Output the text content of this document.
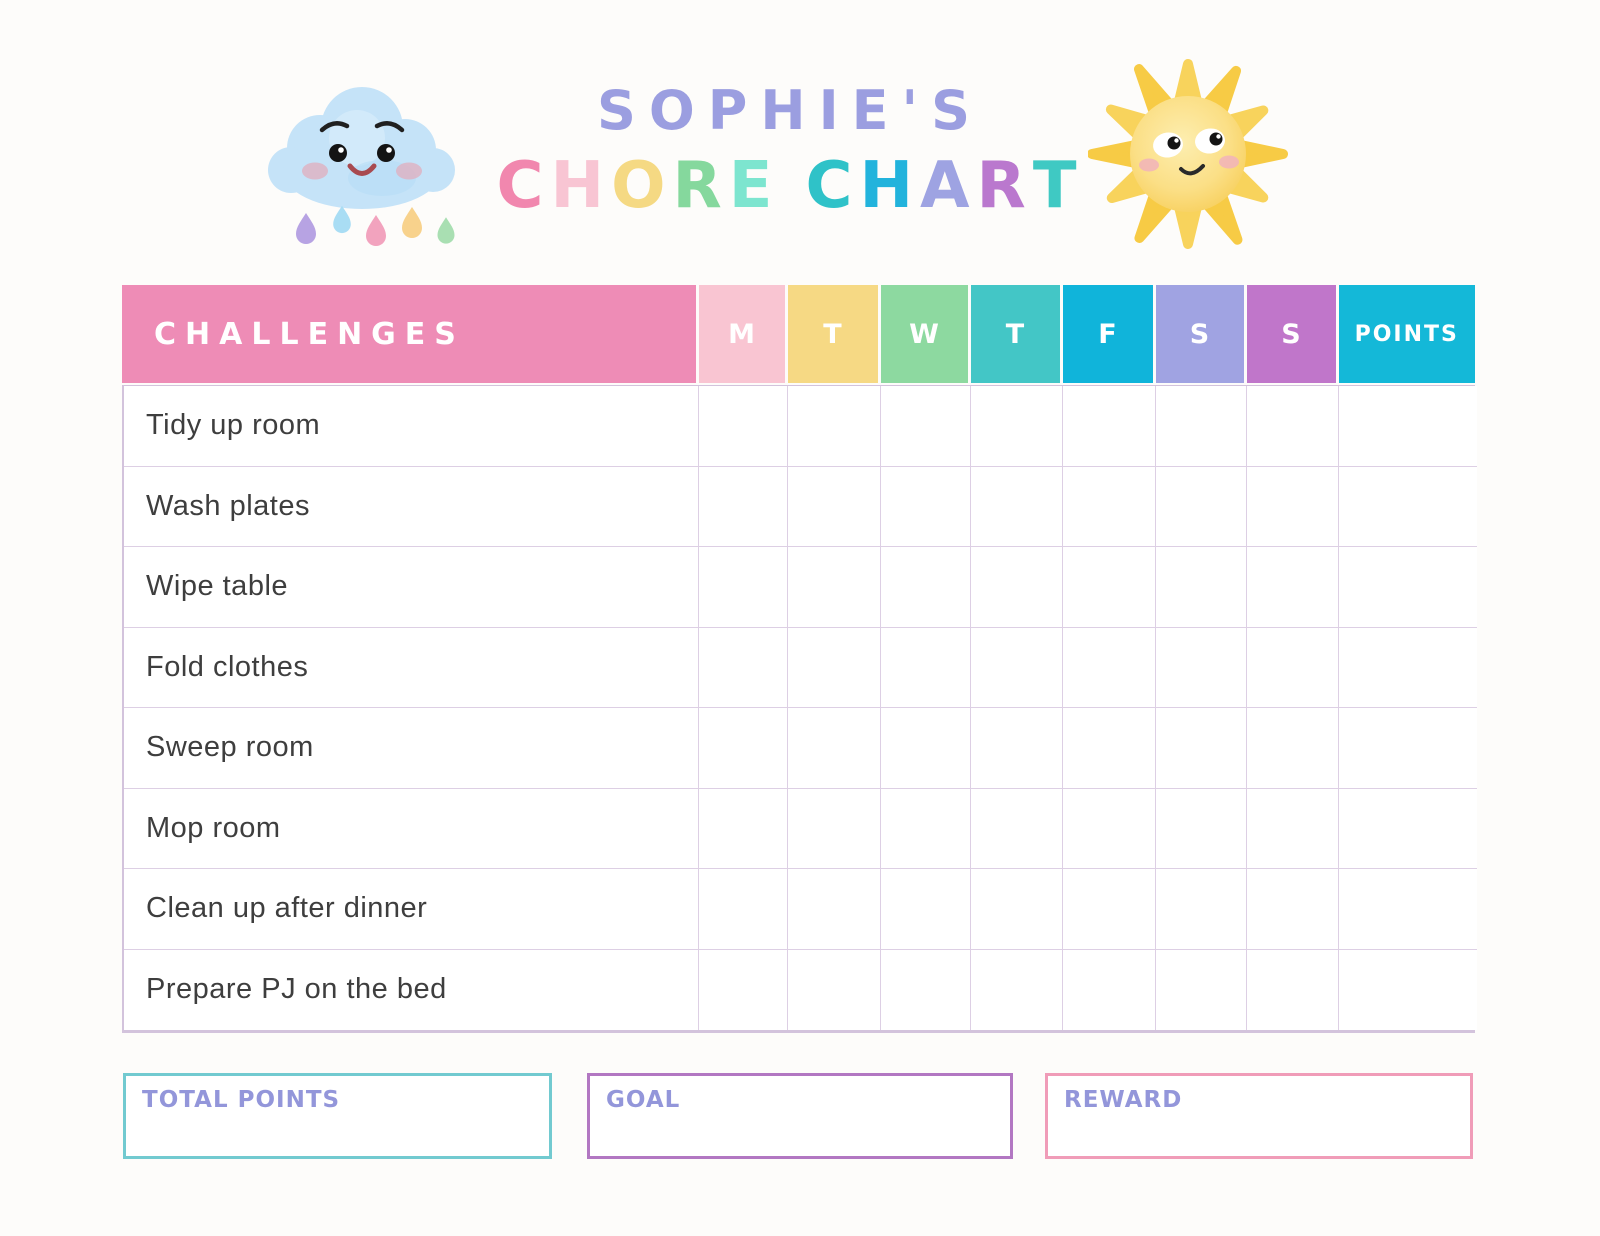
SOPHIE'S
CHORE CHART
CHALLENGES	M	T	W	T	F	S	S	POINTS
Tidy up room
Wash plates
Wipe table
Fold clothes
Sweep room
Mop room
Clean up after dinner
Prepare PJ on the bed
TOTAL POINTS	GOAL	REWARD
